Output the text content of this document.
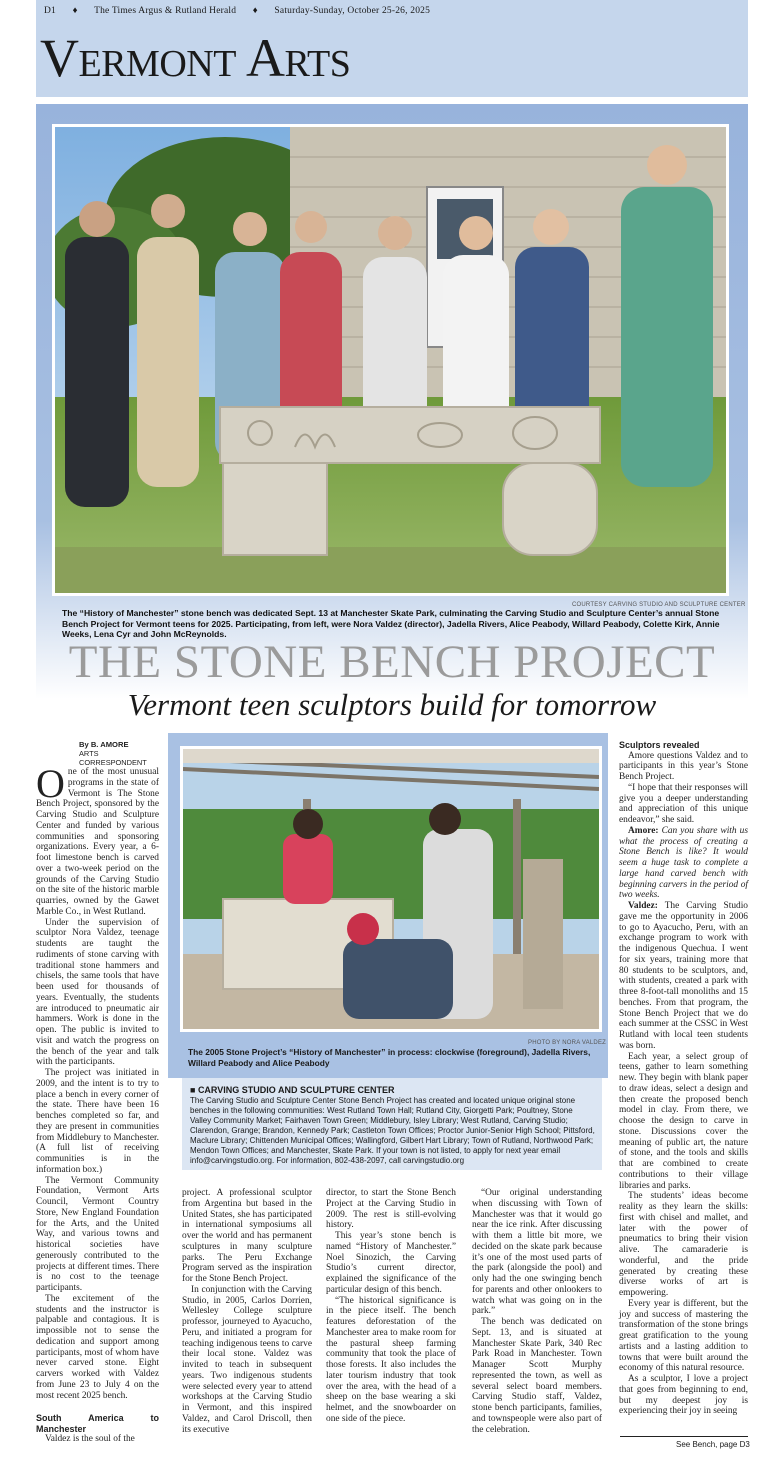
D1 ♦ The Times Argus & Rutland Herald ♦ Saturday-Sunday, October 25-26, 2025
Vermont Arts
COURTESY CARVING STUDIO AND SCULPTURE CENTER
The “History of Manchester” stone bench was dedicated Sept. 13 at Manchester Skate Park, culminating the Carving Studio and Sculpture Center’s annual Stone Bench Project for Vermont teens for 2025. Participating, from left, were Nora Valdez (director), Jadella Rivers, Alice Peabody, Willard Peabody, Colette Kirk, Annie Weeks, Lena Cyr and John McReynolds.
THE STONE BENCH PROJECT
Vermont teen sculptors build for tomorrow
By B. AMORE
ARTS CORRESPONDENT

One of the most unusual programs in the state of Vermont is The Stone Bench Project, sponsored by the Carving Studio and Sculpture Center and funded by various communities and sponsoring organizations. Every year, a 6-foot limestone bench is carved over a two-week period on the grounds of the Carving Studio on the site of the historic marble quarries, owned by the Gawet Marble Co., in West Rutland.

Under the supervision of sculptor Nora Valdez, teenage students are taught the rudiments of stone carving with traditional stone hammers and chisels, the same tools that have been used for thousands of years. Eventually, the students are introduced to pneumatic air hammers. Work is done in the open. The public is invited to visit and watch the progress on the bench of the year and talk with the participants.

The project was initiated in 2009, and the intent is to try to place a bench in every corner of the state. There have been 16 benches completed so far, and they are present in communities from Middlebury to Manchester. (A full list of receiving communities is in the information box.)

The Vermont Community Foundation, Vermont Arts Council, Vermont Country Store, New England Foundation for the Arts, and the United Way, and various towns and historical societies have generously contributed to the projects at different times. There is no cost to the teenage participants.

The excitement of the students and the instructor is palpable and contagious. It is impossible not to sense the dedication and support among participants, most of whom have never carved stone. Eight carvers worked with Valdez from June 23 to July 4 on the most recent 2025 bench.

South America to Manchester

Valdez is the soul of the

PHOTO BY NORA VALDEZ
The 2005 Stone Project’s “History of Manchester” in process: clockwise (foreground), Jadella Rivers, Willard Peabody and Alice Peabody
■ CARVING STUDIO AND SCULPTURE CENTER
The Carving Studio and Sculpture Center Stone Bench Project has created and located unique original stone benches in the following communities: West Rutland Town Hall; Rutland City, Giorgetti Park; Poultney, Stone Valley Community Market; Fairhaven Town Green; Middlebury, Isley Library; West Rutland, Carving Studio; Clarendon, Grange; Brandon, Kennedy Park; Castleton Town Offices; Proctor Junior-Senior High School; Pittsford, Maclure Library; Chittenden Municipal Offices; Wallingford, Gilbert Hart Library; Town of Rutland, Northwood Park; Mendon Town Offices; and Manchester, Skate Park. If your town is not listed, to apply for next year email info@carvingstudio.org. For information, 802-438-2097, call carvingstudio.org

project. A professional sculptor from Argentina but based in the United States, she has participated in international symposiums all over the world and has permanent sculptures in many sculpture parks. The Peru Exchange Program served as the inspiration for the Stone Bench Project.

In conjunction with the Carving Studio, in 2005, Carlos Dorrien, Wellesley College sculpture professor, journeyed to Ayacucho, Peru, and initiated a program for teaching indigenous teens to carve their local stone. Valdez was invited to teach in subsequent years. Two indigenous students were selected every year to attend workshops at the Carving Studio in Vermont, and this inspired Valdez, and Carol Driscoll, then its executive

director, to start the Stone Bench Project at the Carving Studio in 2009. The rest is still-evolving history.

This year’s stone bench is named “History of Manchester.” Noel Sinozich, the Carving Studio’s current director, explained the significance of the particular design of this bench.

“The historical significance is in the piece itself. The bench features deforestation of the Manchester area to make room for the pastural sheep farming community that took the place of those forests. It also includes the later tourism industry that took over the area, with the head of a sheep on the base wearing a ski helmet, and the snowboarder on one side of the piece.

“Our original understanding when discussing with Town of Manchester was that it would go near the ice rink. After discussing with them a little bit more, we decided on the skate park because it’s one of the most used parts of the park (alongside the pool) and only had the one swinging bench for parents and other onlookers to watch what was going on in the park.”

The bench was dedicated on Sept. 13, and is situated at Manchester Skate Park, 340 Rec Park Road in Manchester. Town Manager Scott Murphy represented the town, as well as several select board members. Carving Studio staff, Valdez, stone bench participants, families, and townspeople were also part of the celebration.

Sculptors revealed

Amore questions Valdez and to participants in this year’s Stone Bench Project.

“I hope that their responses will give you a deeper understanding and appreciation of this unique endeavor,” she said.

Amore: Can you share with us what the process of creating a Stone Bench is like? It would seem a huge task to complete a large hand carved bench with beginning carvers in the period of two weeks.

Valdez: The Carving Studio gave me the opportunity in 2006 to go to Ayacucho, Peru, with an exchange program to work with the indigenous Quechua. I went for six years, training more that 80 students to be sculptors, and, with students, created a park with three 8-foot-tall monoliths and 15 benches. From that program, the Stone Bench Project that we do each summer at the CSSC in West Rutland with local teen students was born.

Each year, a select group of teens, gather to learn something new. They begin with blank paper to draw ideas, select a design and then create the proposed bench model in clay. From there, we choose the design to carve in stone. Discussions cover the meaning of public art, the nature of stone, and the tools and skills that are combined to create contributions to their village libraries and parks.

The students’ ideas become reality as they learn the skills: first with chisel and mallet, and later with the power of pneumatics to bring their vision alive. The camaraderie is wonderful, and the pride generated by creating these diverse works of art is empowering.

Every year is different, but the joy and success of mastering the transformation of the stone brings great gratification to the young artists and a lasting addition to towns that were built around the economy of this natural resource.

As a sculptor, I love a project that goes from beginning to end, but my deepest joy is experiencing their joy in seeing

See Bench, page D3
